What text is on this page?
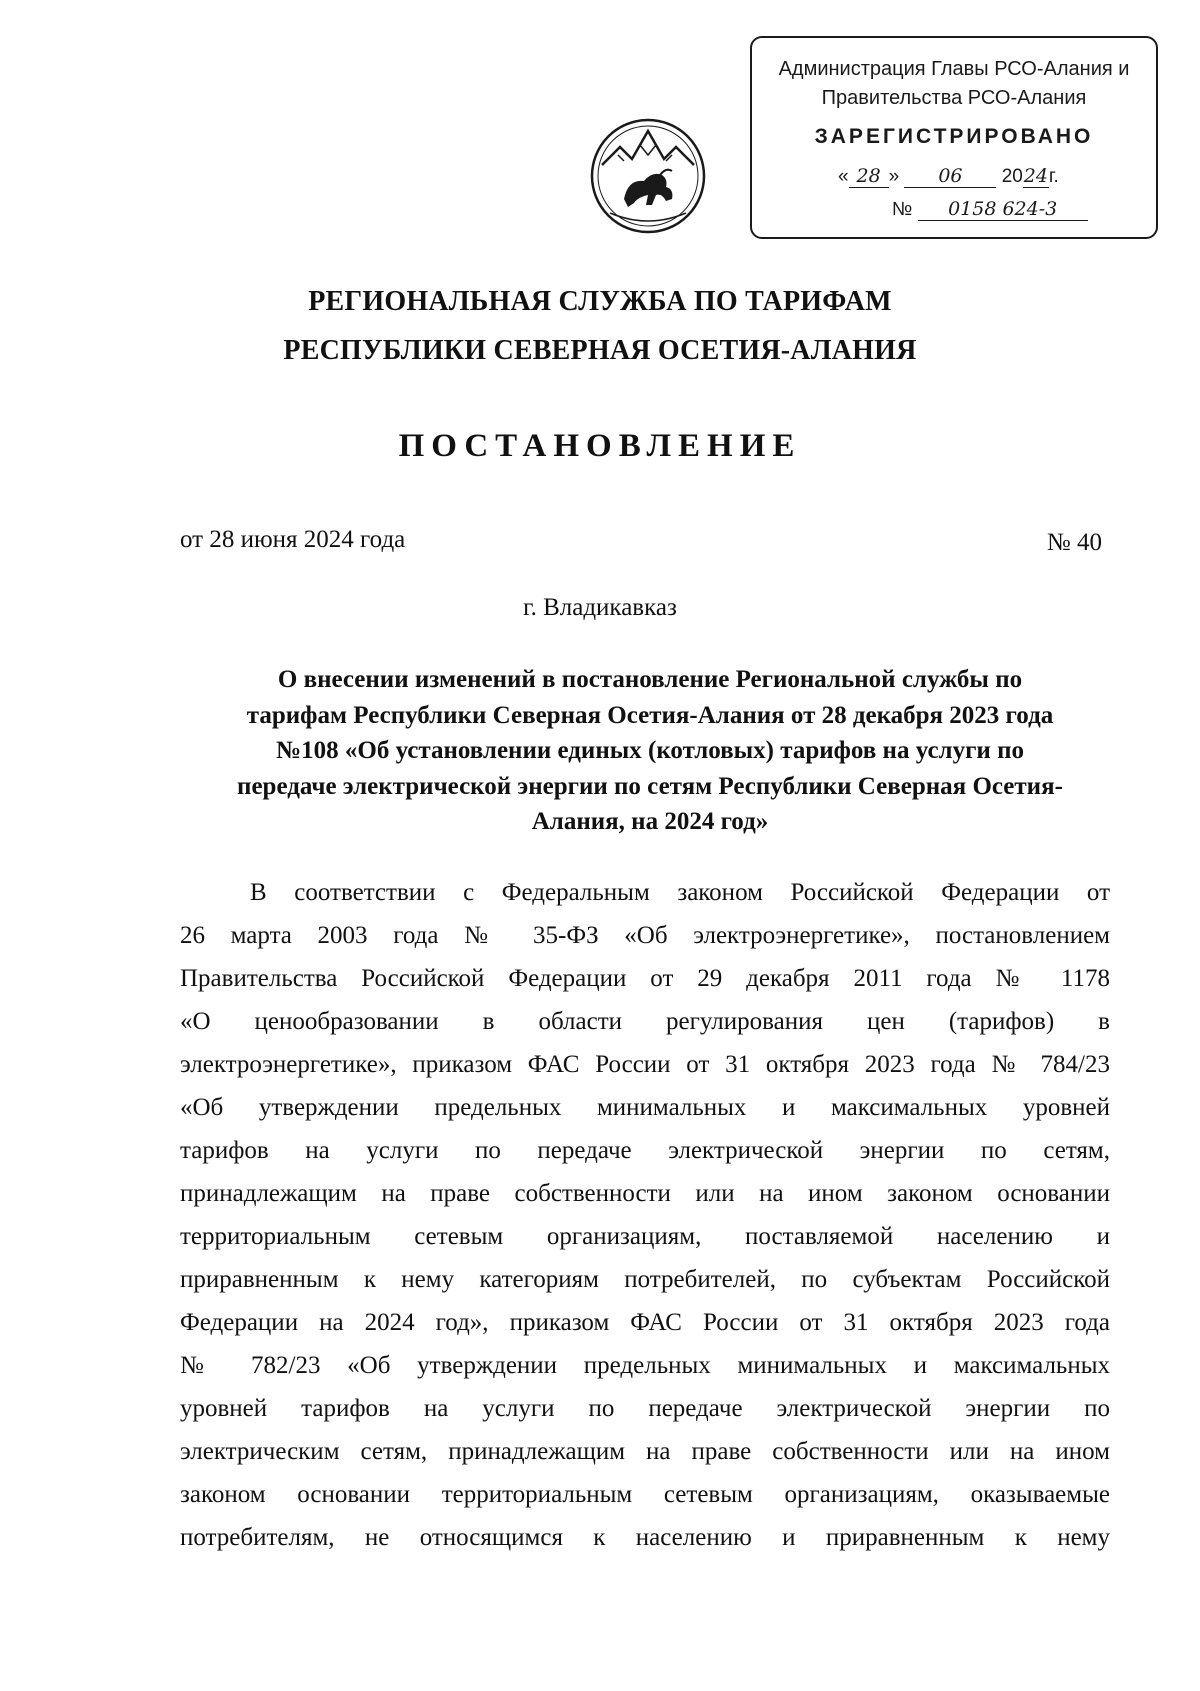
Администрация Главы РСО-Алания и
Правительства РСО-Алания
ЗАРЕГИСТРИРОВАНО
« 28 » 06 2024г.
№ 0158 624-3
РЕГИОНАЛЬНАЯ СЛУЖБА ПО ТАРИФАМ
РЕСПУБЛИКИ СЕВЕРНАЯ ОСЕТИЯ-АЛАНИЯ
ПОСТАНОВЛЕНИЕ
от 28 июня 2024 года	№ 40
г. Владикавказ
О внесении изменений в постановление Региональной службы по
тарифам Республики Северная Осетия-Алания от 28 декабря 2023 года
№108 «Об установлении единых (котловых) тарифов на услуги по
передаче электрической энергии по сетям Республики Северная Осетия-
Алания, на 2024 год»
В соответствии с Федеральным законом Российской Федерации от
26 марта 2003 года № 35-ФЗ «Об электроэнергетике», постановлением
Правительства Российской Федерации от 29 декабря 2011 года № 1178
«О ценообразовании в области регулирования цен (тарифов) в
электроэнергетике», приказом ФАС России от 31 октября 2023 года № 784/23
«Об утверждении предельных минимальных и максимальных уровней
тарифов на услуги по передаче электрической энергии по сетям,
принадлежащим на праве собственности или на ином законом основании
территориальным сетевым организациям, поставляемой населению и
приравненным к нему категориям потребителей, по субъектам Российской
Федерации на 2024 год», приказом ФАС России от 31 октября 2023 года
№ 782/23 «Об утверждении предельных минимальных и максимальных
уровней тарифов на услуги по передаче электрической энергии по
электрическим сетям, принадлежащим на праве собственности или на ином
законом основании территориальным сетевым организациям, оказываемые
потребителям, не относящимся к населению и приравненным к нему
